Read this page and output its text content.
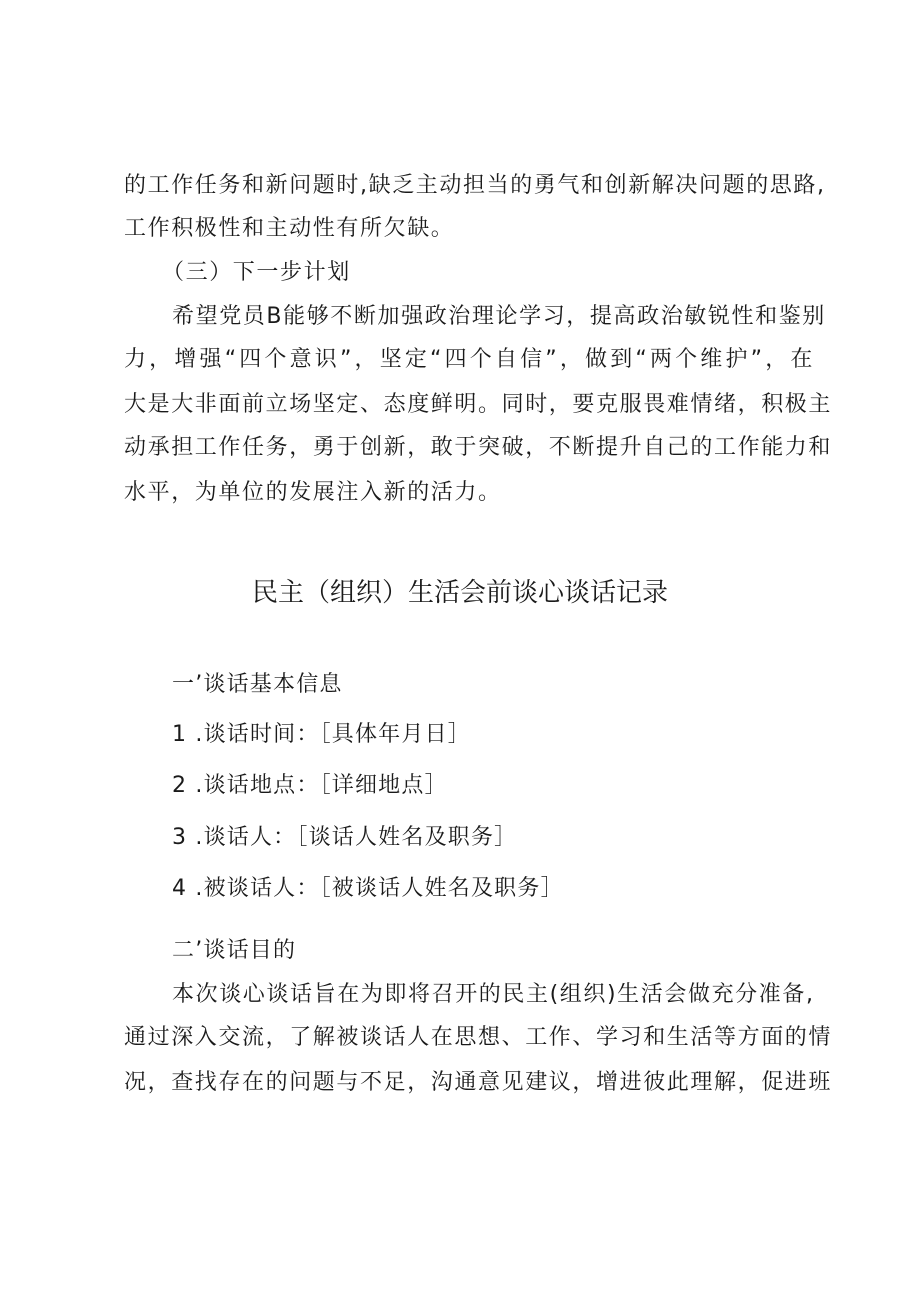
的工作任务和新问题时,缺乏主动担当的勇气和创新解决问题的思路,
工作积极性和主动性有所欠缺。
（三）下一步计划
希望党员B能够不断加强政治理论学习，提高政治敏锐性和鉴别
力，增强“四个意识”，坚定“四个自信”，做到“两个维护”，在
大是大非面前立场坚定、态度鲜明。同时，要克服畏难情绪，积极主
动承担工作任务，勇于创新，敢于突破，不断提升自己的工作能力和
水平，为单位的发展注入新的活力。
民主（组织）生活会前谈心谈话记录
一’谈话基本信息
1 .谈话时间：［具体年月日］
2 .谈话地点：［详细地点］
3 .谈话人：［谈话人姓名及职务］
4 .被谈话人：［被谈话人姓名及职务］
二’谈话目的
本次谈心谈话旨在为即将召开的民主(组织)生活会做充分准备,
通过深入交流，了解被谈话人在思想、工作、学习和生活等方面的情
况，查找存在的问题与不足，沟通意见建议，增进彼此理解，促进班
